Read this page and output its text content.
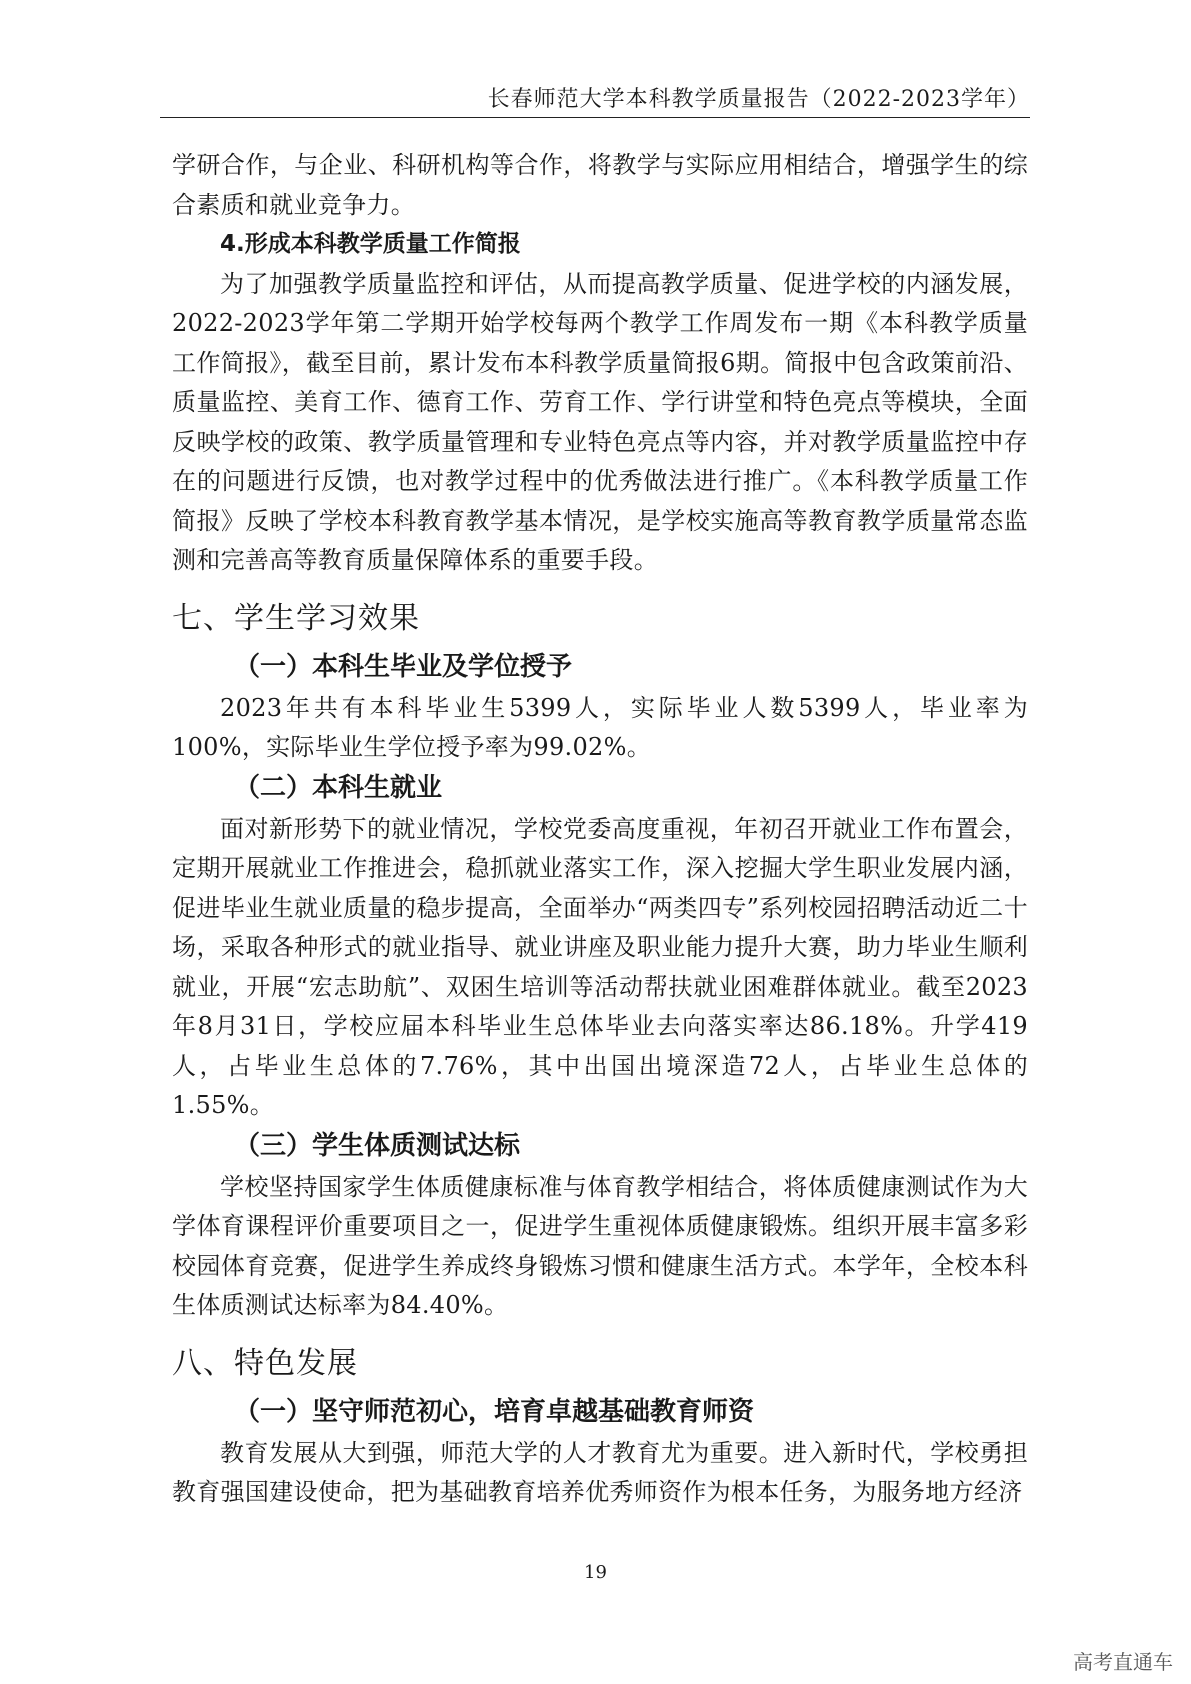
长春师范大学本科教学质量报告（2022-2023学年）

学研合作，与企业、科研机构等合作，将教学与实际应用相结合，增强学生的综合素质和就业竞争力。

4.形成本科教学质量工作简报

为了加强教学质量监控和评估，从而提高教学质量、促进学校的内涵发展，2022-2023学年第二学期开始学校每两个教学工作周发布一期《本科教学质量工作简报》，截至目前，累计发布本科教学质量简报6期。简报中包含政策前沿、质量监控、美育工作、德育工作、劳育工作、学行讲堂和特色亮点等模块，全面反映学校的政策、教学质量管理和专业特色亮点等内容，并对教学质量监控中存在的问题进行反馈，也对教学过程中的优秀做法进行推广。《本科教学质量工作简报》反映了学校本科教育教学基本情况，是学校实施高等教育教学质量常态监测和完善高等教育质量保障体系的重要手段。

七、学生学习效果
（一）本科生毕业及学位授予

2023年共有本科毕业生5399人，实际毕业人数5399人，毕业率为100%，实际毕业生学位授予率为99.02%。

（二）本科生就业

面对新形势下的就业情况，学校党委高度重视，年初召开就业工作布置会，定期开展就业工作推进会，稳抓就业落实工作，深入挖掘大学生职业发展内涵，促进毕业生就业质量的稳步提高，全面举办“两类四专”系列校园招聘活动近二十场，采取各种形式的就业指导、就业讲座及职业能力提升大赛，助力毕业生顺利就业，开展“宏志助航”、双困生培训等活动帮扶就业困难群体就业。截至2023年8月31日，学校应届本科毕业生总体毕业去向落实率达86.18%。升学419人，占毕业生总体的7.76%，其中出国出境深造72人，占毕业生总体的1.55%。

（三）学生体质测试达标

学校坚持国家学生体质健康标准与体育教学相结合，将体质健康测试作为大学体育课程评价重要项目之一，促进学生重视体质健康锻炼。组织开展丰富多彩校园体育竞赛，促进学生养成终身锻炼习惯和健康生活方式。本学年，全校本科生体质测试达标率为84.40%。

八、特色发展
（一）坚守师范初心，培育卓越基础教育师资

教育发展从大到强，师范大学的人才教育尤为重要。进入新时代，学校勇担教育强国建设使命，把为基础教育培养优秀师资作为根本任务，为服务地方经济

19
高考直通车
